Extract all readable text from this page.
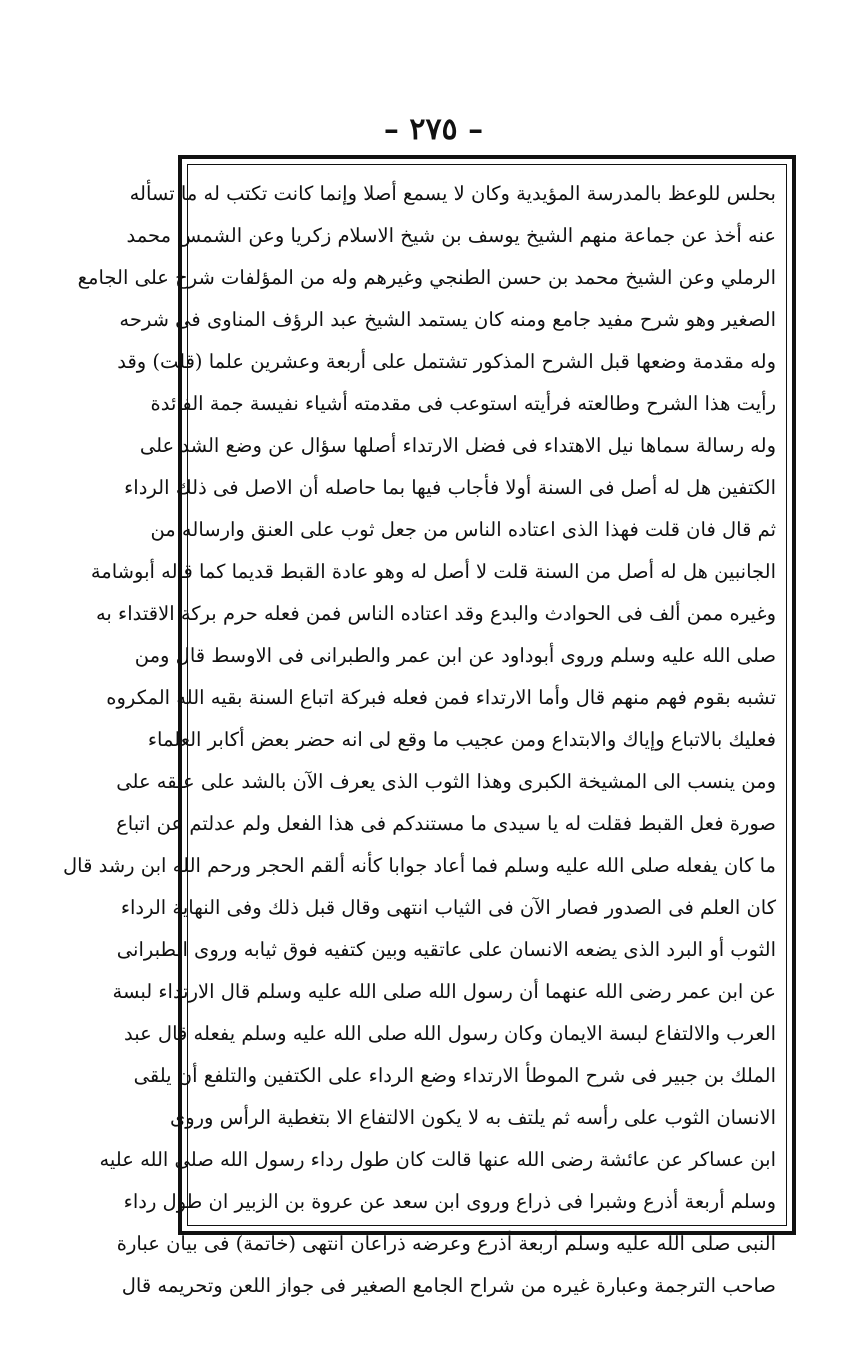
– ٢٧٥ –
بحلس للوعظ بالمدرسة المؤيدية وكان لا يسمع أصلا وإنما كانت تكتب له ما تسأله
عنه أخذ عن جماعة منهم الشيخ يوسف بن شيخ الاسلام زكريا وعن الشمس محمد
الرملي وعن الشيخ محمد بن حسن الطنجي وغيرهم وله من المؤلفات شرح على الجامع
الصغير وهو شرح مفيد جامع ومنه كان يستمد الشيخ عبد الرؤف المناوى فى شرحه
وله مقدمة وضعها قبل الشرح المذكور تشتمل على أربعة وعشرين علما (قلت) وقد
رأيت هذا الشرح وطالعته فرأيته استوعب فى مقدمته أشياء نفيسة جمة الفائدة
وله رسالة سماها نيل الاهتداء فى فضل الارتداء أصلها سؤال عن وضع الشد على
الكتفين هل له أصل فى السنة أولا فأجاب فيها بما حاصله أن الاصل فى ذلك الرداء
ثم قال فان قلت فهذا الذى اعتاده الناس من جعل ثوب على العنق وارساله من
الجانبين هل له أصل من السنة قلت لا أصل له وهو عادة القبط قديما كما قاله أبوشامة
وغيره ممن ألف فى الحوادث والبدع وقد اعتاده الناس فمن فعله حرم بركة الاقتداء به
صلى الله عليه وسلم وروى أبوداود عن ابن عمر والطبرانى فى الاوسط قال ومن
تشبه بقوم فهم منهم قال وأما الارتداء فمن فعله فبركة اتباع السنة بقيه الله المكروه
فعليك بالاتباع وإياك والابتداع ومن عجيب ما وقع لى انه حضر بعض أكابر العلماء
ومن ينسب الى المشيخة الكبرى وهذا الثوب الذى يعرف الآن بالشد على عنقه على
صورة فعل القبط فقلت له يا سيدى ما مستندكم فى هذا الفعل ولم عدلتم عن اتباع
ما كان يفعله صلى الله عليه وسلم فما أعاد جوابا كأنه ألقم الحجر ورحم الله ابن رشد قال
كان العلم فى الصدور فصار الآن فى الثياب انتهى وقال قبل ذلك وفى النهاية الرداء
الثوب أو البرد الذى يضعه الانسان على عاتقيه وبين كتفيه فوق ثيابه وروى الطبرانى
عن ابن عمر رضى الله عنهما أن رسول الله صلى الله عليه وسلم قال الارتداء لبسة
العرب والالتفاع لبسة الايمان وكان رسول الله صلى الله عليه وسلم يفعله قال عبد
الملك بن جبير فى شرح الموطأ الارتداء وضع الرداء على الكتفين والتلفع أن يلقى
الانسان الثوب على رأسه ثم يلتف به لا يكون الالتفاع الا بتغطية الرأس وروى
ابن عساكر عن عائشة رضى الله عنها قالت كان طول رداء رسول الله صلى الله عليه
وسلم أربعة أذرع وشبرا فى ذراع وروى ابن سعد عن عروة بن الزبير ان طول رداء
النبى صلى الله عليه وسلم أربعة أذرع وعرضه ذراعان انتهى (خاتمة) فى بيان عبارة
صاحب الترجمة وعبارة غيره من شراح الجامع الصغير فى جواز اللعن وتحريمه قال
